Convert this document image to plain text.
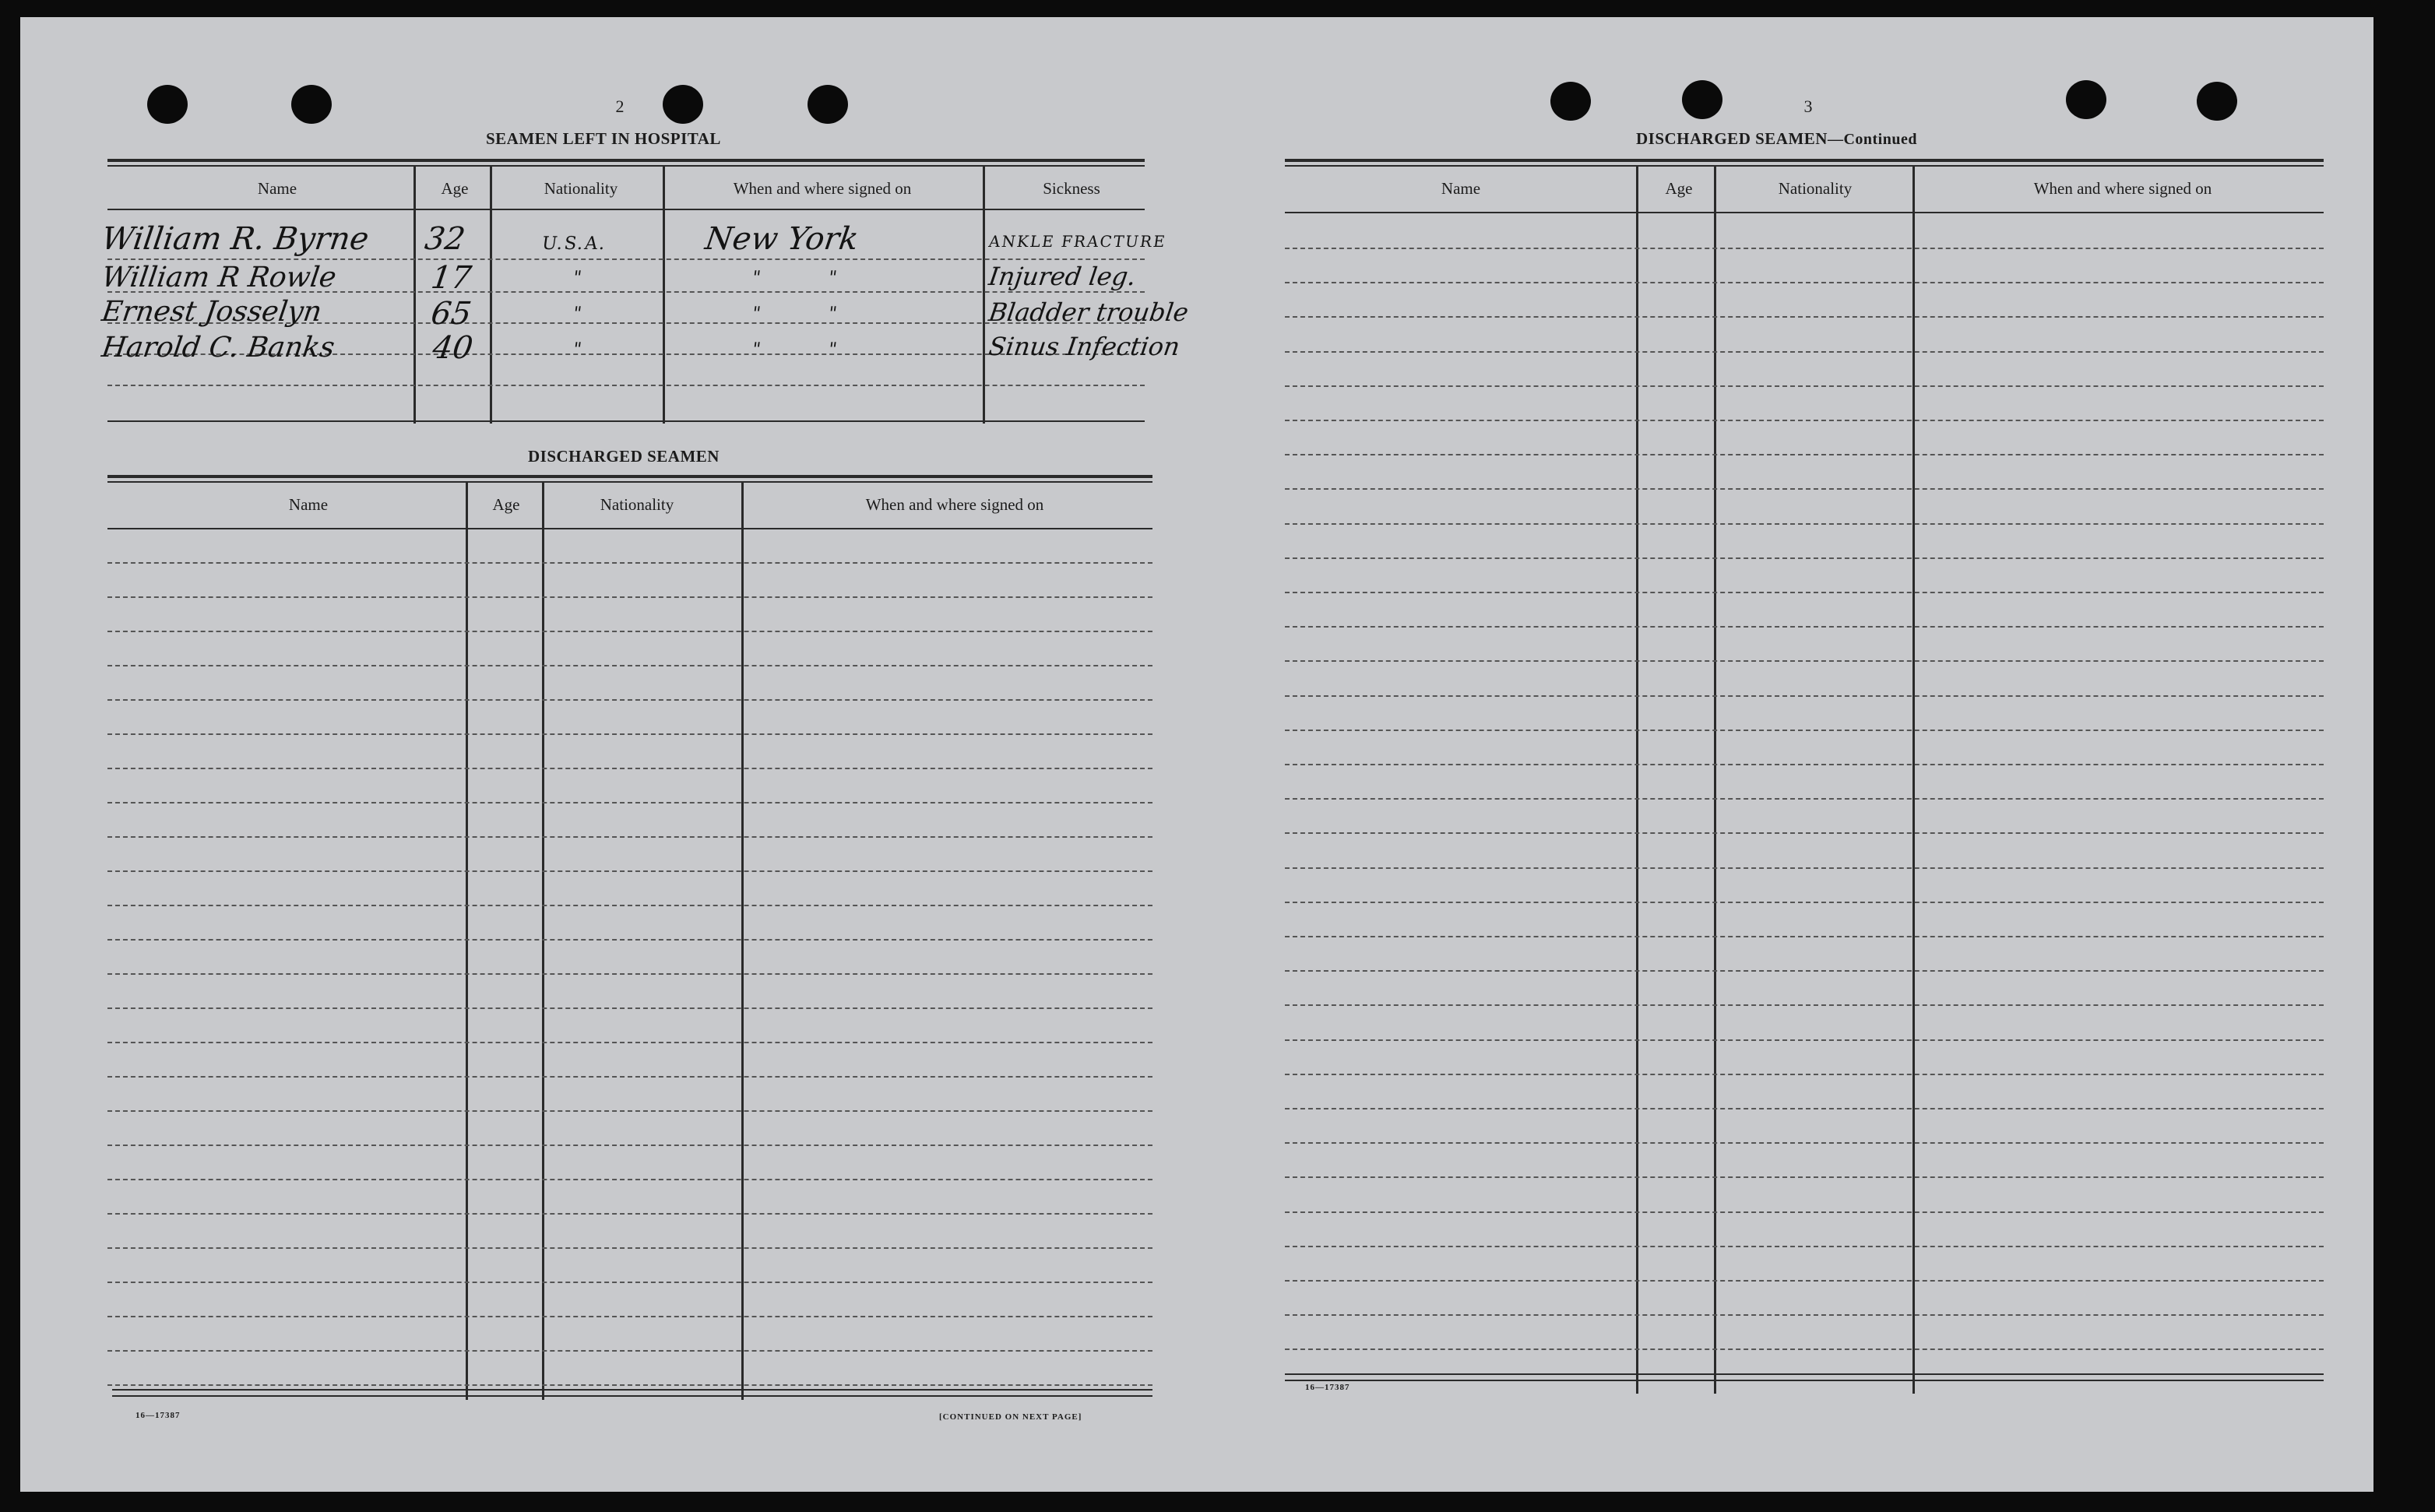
2
SEAMEN LEFT IN HOSPITAL
Name	Age	Nationality	When and where signed on	Sickness
William R. Byrne 32	U.S.A.	New York	ANKLE FRACTURE
William R Rowle	17	"	" "	Injured leg.
Ernest Josselyn	65	"	" "	Bladder trouble
Harold C. Banks	40	"	" "	Sinus Infection
DISCHARGED SEAMEN
Name	Age	Nationality	When and where signed on
16—17387	[CONTINUED ON NEXT PAGE]
3
DISCHARGED SEAMEN—Continued
Name	Age	Nationality	When and where signed on
16—17387
